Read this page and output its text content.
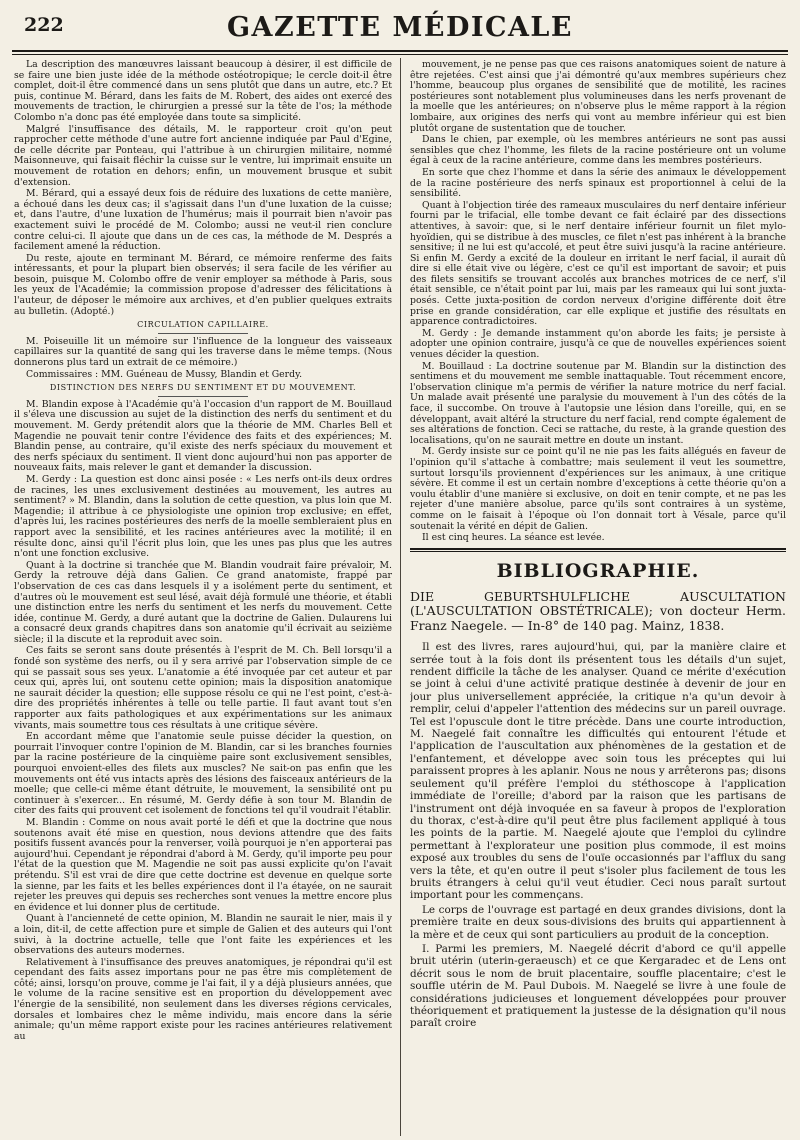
222	GAZETTE MÉDICALE

La description des manœuvres laissant beaucoup à désirer, il est difficile de se faire une bien juste idée de la méthode ostéotropique; le cercle doit-il être complet, doit-il être commencé dans un sens plutôt que dans un autre, etc.? Et puis, continue M. Bérard, dans les faits de M. Robert, des aides ont exercé des mouvements de traction, le chirurgien a pressé sur la tête de l'os; la méthode Colombo n'a donc pas été employée dans toute sa simplicité.

Malgré l'insuffisance des détails, M. le rapporteur croit qu'on peut rapprocher cette méthode d'une autre fort ancienne indiquée par Paul d'Egine, de celle décrite par Ponteau, qui l'attribue à un chirurgien militaire, nommé Maisonneuve, qui faisait fléchir la cuisse sur le ventre, lui imprimait ensuite un mouvement de rotation en dehors; enfin, un mouvement brusque et subit d'extension.

M. Bérard, qui a essayé deux fois de réduire des luxations de cette manière, a échoué dans les deux cas; il s'agissait dans l'un d'une luxation de la cuisse; et, dans l'autre, d'une luxation de l'humérus; mais il pourrait bien n'avoir pas exactement suivi le procédé de M. Colombo; aussi ne veut-il rien conclure contre celui-ci. Il ajoute que dans un de ces cas, la méthode de M. Després a facilement amené la réduction.

Du reste, ajoute en terminant M. Bérard, ce mémoire renferme des faits intéressants, et pour la plupart bien observés; il sera facile de les vérifier au besoin, puisque M. Colombo offre de venir employer sa méthode à Paris, sous les yeux de l'Académie; la commission propose d'adresser des félicitations à l'auteur, de déposer le mémoire aux archives, et d'en publier quelques extraits au bulletin. (Adopté.)

CIRCULATION CAPILLAIRE.

M. Poiseuille lit un mémoire sur l'influence de la longueur des vaisseaux capillaires sur la quantité de sang qui les traverse dans le même temps. (Nous donnerons plus tard un extrait de ce mémoire.)

Commissaires : MM. Guéneau de Mussy, Blandin et Gerdy.

DISTINCTION DES NERFS DU SENTIMENT ET DU MOUVEMENT.

M. Blandin expose à l'Académie qu'à l'occasion d'un rapport de M. Bouillaud il s'éleva une discussion au sujet de la distinction des nerfs du sentiment et du mouvement. M. Gerdy prétendit alors que la théorie de MM. Charles Bell et Magendie ne pouvait tenir contre l'évidence des faits et des expériences; M. Blandin pense, au contraire, qu'il existe des nerfs spéciaux du mouvement et des nerfs spéciaux du sentiment. Il vient donc aujourd'hui non pas apporter de nouveaux faits, mais relever le gant et demander la discussion.

M. Gerdy : La question est donc ainsi posée : « Les nerfs ont-ils deux ordres de racines, les unes exclusivement destinées au mouvement, les autres au sentiment? » M. Blandin, dans la solution de cette question, va plus loin que M. Magendie; il attribue à ce physiologiste une opinion trop exclusive; en effet, d'après lui, les racines postérieures des nerfs de la moelle sembleraient plus en rapport avec la sensibilité, et les racines antérieures avec la motilité; il en résulte donc, ainsi qu'il l'écrit plus loin, que les unes pas plus que les autres n'ont une fonction exclusive.

Quant à la doctrine si tranchée que M. Blandin voudrait faire prévaloir, M. Gerdy la retrouve déjà dans Galien. Ce grand anatomiste, frappé par l'observation de ces cas dans lesquels il y a isolément perte du sentiment, et d'autres où le mouvement est seul lésé, avait déjà formulé une théorie, et établi une distinction entre les nerfs du sentiment et les nerfs du mouvement. Cette idée, continue M. Gerdy, a duré autant que la doctrine de Galien. Dulaurens lui a consacré deux grands chapitres dans son anatomie qu'il écrivait au seizième siècle; il la discute et la reproduit avec soin.

Ces faits se seront sans doute présentés à l'esprit de M. Ch. Bell lorsqu'il a fondé son système des nerfs, ou il y sera arrivé par l'observation simple de ce qui se passait sous ses yeux. L'anatomie a été invoquée par cet auteur et par ceux qui, après lui, ont soutenu cette opinion; mais la disposition anatomique ne saurait décider la question; elle suppose résolu ce qui ne l'est point, c'est-à-dire des propriétés inhérentes à telle ou telle partie. Il faut avant tout s'en rapporter aux faits pathologiques et aux expérimentations sur les animaux vivants, mais soumettre tous ces résultats à une critique sévère.

En accordant même que l'anatomie seule puisse décider la question, on pourrait l'invoquer contre l'opinion de M. Blandin, car si les branches fournies par la racine postérieure de la cinquième paire sont exclusivement sensibles, pourquoi envoient-elles des filets aux muscles? Ne sait-on pas enfin que les mouvements ont été vus intacts après des lésions des faisceaux antérieurs de la moelle; que celle-ci même étant détruite, le mouvement, la sensibilité ont pu continuer à s'exercer... En résumé, M. Gerdy défie à son tour M. Blandin de citer des faits qui prouvent cet isolement de fonctions tel qu'il voudrait l'établir.

M. Blandin : Comme on nous avait porté le défi et que la doctrine que nous soutenons avait été mise en question, nous devions attendre que des faits positifs fussent avancés pour la renverser, voilà pourquoi je n'en apporterai pas aujourd'hui. Cependant je répondrai d'abord à M. Gerdy, qu'il importe peu pour l'état de la question que M. Magendie ne soit pas aussi explicite qu'on l'avait prétendu. S'il est vrai de dire que cette doctrine est devenue en quelque sorte la sienne, par les faits et les belles expériences dont il l'a étayée, on ne saurait rejeter les preuves qui depuis ses recherches sont venues la mettre encore plus en évidence et lui donner plus de certitude.

Quant à l'ancienneté de cette opinion, M. Blandin ne saurait le nier, mais il y a loin, dit-il, de cette affection pure et simple de Galien et des auteurs qui l'ont suivi, à la doctrine actuelle, telle que l'ont faite les expériences et les observations des auteurs modernes.

Relativement à l'insuffisance des preuves anatomiques, je répondrai qu'il est cependant des faits assez importans pour ne pas être mis complètement de côté; ainsi, lorsqu'on prouve, comme je l'ai fait, il y a déjà plusieurs années, que le volume de la racine sensitive est en proportion du développement avec l'énergie de la sensibilité, non seulement dans les diverses régions cervicales, dorsales et lombaires chez le même individu, mais encore dans la série animale; qu'un même rapport existe pour les racines antérieures relativement au

mouvement, je ne pense pas que ces raisons anatomiques soient de nature à être rejetées. C'est ainsi que j'ai démontré qu'aux membres supérieurs chez l'homme, beaucoup plus organes de sensibilité que de motilité, les racines postérieures sont notablement plus volumineuses dans les nerfs provenant de la moelle que les antérieures; on n'observe plus le même rapport à la région lombaire, aux origines des nerfs qui vont au membre inférieur qui est bien plutôt organe de sustentation que de toucher.

Dans le chien, par exemple, où les membres antérieurs ne sont pas aussi sensibles que chez l'homme, les filets de la racine postérieure ont un volume égal à ceux de la racine antérieure, comme dans les membres postérieurs.

En sorte que chez l'homme et dans la série des animaux le développement de la racine postérieure des nerfs spinaux est proportionnel à celui de la sensibilité.

Quant à l'objection tirée des rameaux musculaires du nerf dentaire inférieur fourni par le trifacial, elle tombe devant ce fait éclairé par des dissections attentives, à savoir: que, si le nerf dentaire inférieur fournit un filet mylo-hyoïdien, qui se distribue à des muscles, ce filet n'est pas inhérent à la branche sensitive; il ne lui est qu'accolé, et peut être suivi jusqu'à la racine antérieure. Si enfin M. Gerdy a excité de la douleur en irritant le nerf facial, il aurait dû dire si elle était vive ou légère, c'est ce qu'il est important de savoir; et puis des filets sensitifs se trouvant accolés aux branches motrices de ce nerf, s'il était sensible, ce n'était point par lui, mais par les rameaux qui lui sont juxta-posés. Cette juxta-position de cordon nerveux d'origine différente doit être prise en grande considération, car elle explique et justifie des résultats en apparence contradictoires.

M. Gerdy : Je demande instamment qu'on aborde les faits; je persiste à adopter une opinion contraire, jusqu'à ce que de nouvelles expériences soient venues décider la question.

M. Bouillaud : La doctrine soutenue par M. Blandin sur la distinction des sentimens et du mouvement me semble inattaquable. Tout récemment encore, l'observation clinique m'a permis de vérifier la nature motrice du nerf facial. Un malade avait présenté une paralysie du mouvement à l'un des côtés de la face, il succombe. On trouve à l'autopsie une lésion dans l'oreille, qui, en se développant, avait altéré la structure du nerf facial, rend compte également de ses altérations de fonction. Ceci se rattache, du reste, à la grande question des localisations, qu'on ne saurait mettre en doute un instant.

M. Gerdy insiste sur ce point qu'il ne nie pas les faits allégués en faveur de l'opinion qu'il s'attache à combattre; mais seulement il veut les soumettre, surtout lorsqu'ils proviennent d'expériences sur les animaux, à une critique sévère. Et comme il est un certain nombre d'exceptions à cette théorie qu'on a voulu établir d'une manière si exclusive, on doit en tenir compte, et ne pas les rejeter d'une manière absolue, parce qu'ils sont contraires à un système, comme on le faisait à l'époque où l'on donnait tort à Vésale, parce qu'il soutenait la vérité en dépit de Galien.

Il est cinq heures. La séance est levée.

BIBLIOGRAPHIE.
DIE GEBURTSHULFLICHE AUSCULTATION (L'AUSCULTATION OBSTÉTRICALE); von docteur Herm. Franz Naegele. — In-8° de 140 pag. Mainz, 1838.

Il est des livres, rares aujourd'hui, qui, par la manière claire et serrée tout à la fois dont ils présentent tous les détails d'un sujet, rendent difficile la tâche de les analyser. Quand ce mérite d'exécution se joint à celui d'une activité pratique destinée à devenir de jour en jour plus universellement appréciée, la critique n'a qu'un devoir à remplir, celui d'appeler l'attention des médecins sur un pareil ouvrage. Tel est l'opuscule dont le titre précède. Dans une courte introduction, M. Naegelé fait connaître les difficultés qui entourent l'étude et l'application de l'auscultation aux phénomènes de la gestation et de l'enfantement, et développe avec soin tous les préceptes qui lui paraissent propres à les aplanir. Nous ne nous y arrêterons pas; disons seulement qu'il préfère l'emploi du stéthoscope à l'application immédiate de l'oreille; d'abord par la raison que les partisans de l'instrument ont déjà invoquée en sa faveur à propos de l'exploration du thorax, c'est-à-dire qu'il peut être plus facilement appliqué à tous les points de la partie. M. Naegelé ajoute que l'emploi du cylindre permettant à l'explorateur une position plus commode, il est moins exposé aux troubles du sens de l'ouïe occasionnés par l'afflux du sang vers la tête, et qu'en outre il peut s'isoler plus facilement de tous les bruits étrangers à celui qu'il veut étudier. Ceci nous paraît surtout important pour les commençans.

Le corps de l'ouvrage est partagé en deux grandes divisions, dont la première traite en deux sous-divisions des bruits qui appartiennent à la mère et de ceux qui sont particuliers au produit de la conception.

I. Parmi les premiers, M. Naegelé décrit d'abord ce qu'il appelle bruit utérin (uterin-geraeusch) et ce que Kergaradec et de Lens ont décrit sous le nom de bruit placentaire, souffle placentaire; c'est le souffle utérin de M. Paul Dubois. M. Naegelé se livre à une foule de considérations judicieuses et longuement développées pour prouver théoriquement et pratiquement la justesse de la désignation qu'il nous paraît croire
